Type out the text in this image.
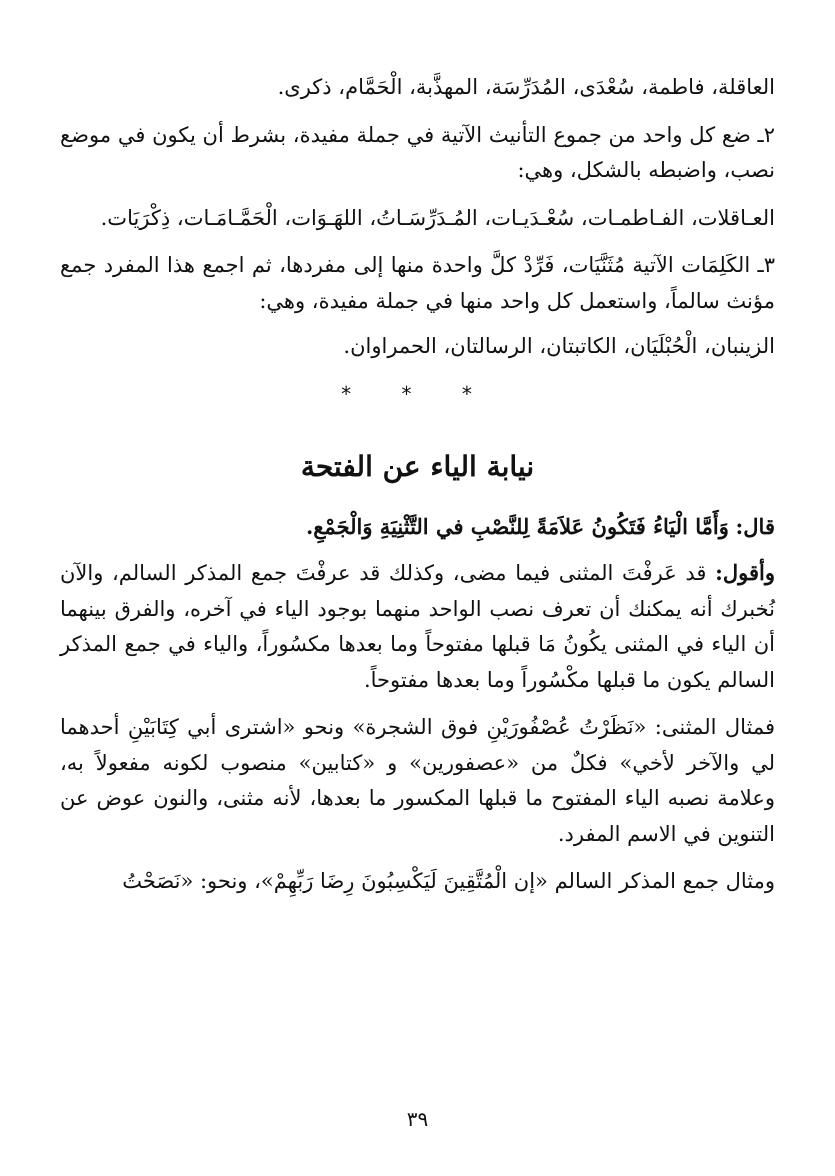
العاقلة، فاطمة، سُعْدَى، المُدَرِّسَة، المهذَّبة، الْحَمَّام، ذكرى.

٢ـ ضع كل واحد من جموع التأنيث الآتية في جملة مفيدة، بشرط أن يكون في موضع نصب، واضبطه بالشكل، وهي:

العـاقلات، الفـاطمـات، سُعْـدَيـات، المُـدَرِّسَـاتُ، اللهَـوَات، الْحَمَّـامَـات، ذِكْرَيَات.

٣ـ الكَلِمَات الآتية مُثَنَّيَات، فَرِّدْ كلَّ واحدة منها إلى مفردها، ثم اجمع هذا المفرد جمع مؤنث سالماً، واستعمل كل واحد منها في جملة مفيدة، وهي:

الزينبان، الْحُبْلَيَان، الكاتبتان، الرسالتان، الحمراوان.

* * *
نيابة الياء عن الفتحة

قال: وَأَمَّا الْيَاءُ فَتَكُونُ عَلاَمَةً لِلنَّصْبِ في التَّثْنِيَةِ وَالْجَمْعِ.

وأقول: قد عَرفْتَ المثنى فيما مضى، وكذلك قد عرفْتَ جمع المذكر السالم، والآن نُخبرك أنه يمكنك أن تعرف نصب الواحد منهما بوجود الياء في آخره، والفرق بينهما أن الياء في المثنى يكُونُ مَا قبلها مفتوحاً وما بعدها مكسُوراً، والياء في جمع المذكر السالم يكون ما قبلها مكْسُوراً وما بعدها مفتوحاً.

فمثال المثنى: «نَظَرْتُ عُصْفُورَيْنِ فوق الشجرة» ونحو «اشترى أبي كِتَابَيْنِ أحدهما لي والآخر لأخي» فكلٌ من «عصفورين» و «كتابين» منصوب لكونه مفعولاً به، وعلامة نصبه الياء المفتوح ما قبلها المكسور ما بعدها، لأنه مثنى، والنون عوض عن التنوين في الاسم المفرد.

ومثال جمع المذكر السالم «إن الْمُتَّقِينَ لَيَكْسِبُونَ رِضَا رَبِّهِمْ»، ونحو: «نَصَحْتُ

٣٩
